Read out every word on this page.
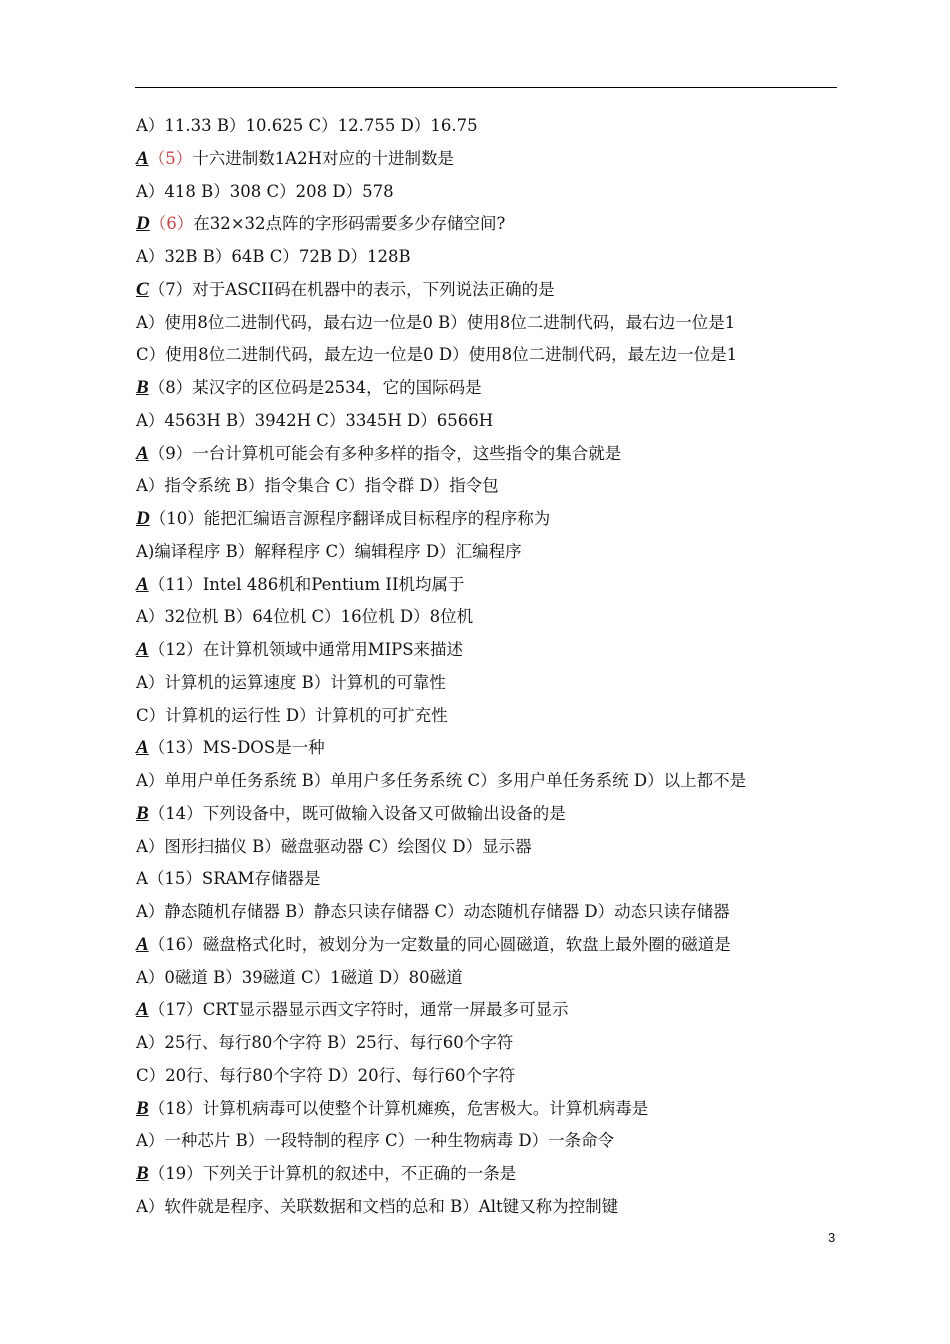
A）11.33 B）10.625 C）12.755 D）16.75
A（5）十六进制数1A2H对应的十进制数是
A）418 B）308 C）208 D）578
D（6）在32×32点阵的字形码需要多少存储空间?
A）32B B）64B C）72B D）128B
C（7）对于ASCII码在机器中的表示，下列说法正确的是
A）使用8位二进制代码，最右边一位是0 B）使用8位二进制代码，最右边一位是1
C）使用8位二进制代码，最左边一位是0 D）使用8位二进制代码，最左边一位是1
B（8）某汉字的区位码是2534，它的国际码是
A）4563H B）3942H C）3345H D）6566H
A（9）一台计算机可能会有多种多样的指令，这些指令的集合就是
A）指令系统 B）指令集合 C）指令群 D）指令包
D（10）能把汇编语言源程序翻译成目标程序的程序称为
A)编译程序 B）解释程序 C）编辑程序 D）汇编程序
A（11）Intel 486机和Pentium II机均属于
A）32位机 B）64位机 C）16位机 D）8位机
A（12）在计算机领域中通常用MIPS来描述
A）计算机的运算速度 B）计算机的可靠性
C）计算机的运行性 D）计算机的可扩充性
A（13）MS-DOS是一种
A）单用户单任务系统 B）单用户多任务系统 C）多用户单任务系统 D）以上都不是
B（14）下列设备中，既可做输入设备又可做输出设备的是
A）图形扫描仪 B）磁盘驱动器 C）绘图仪 D）显示器
A（15）SRAM存储器是
A）静态随机存储器 B）静态只读存储器 C）动态随机存储器 D）动态只读存储器
A（16）磁盘格式化时，被划分为一定数量的同心圆磁道，软盘上最外圈的磁道是
A）0磁道 B）39磁道 C）1磁道 D）80磁道
A（17）CRT显示器显示西文字符时，通常一屏最多可显示
A）25行、每行80个字符 B）25行、每行60个字符
C）20行、每行80个字符 D）20行、每行60个字符
B（18）计算机病毒可以使整个计算机瘫痪，危害极大。计算机病毒是
A）一种芯片 B）一段特制的程序 C）一种生物病毒 D）一条命令
B（19）下列关于计算机的叙述中，不正确的一条是
A）软件就是程序、关联数据和文档的总和 B）Alt键又称为控制键
3
